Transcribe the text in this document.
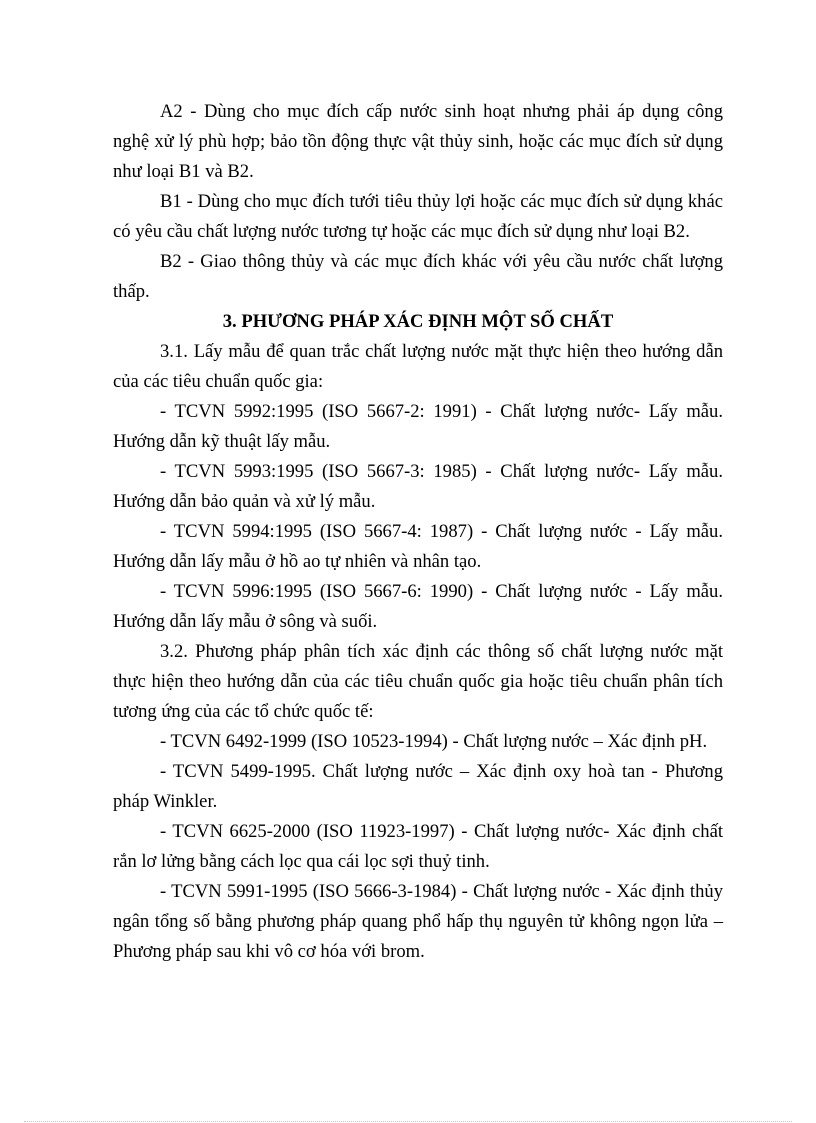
A2 - Dùng cho mục đích cấp nước sinh hoạt nhưng phải áp dụng công nghệ xử lý phù hợp; bảo tồn động thực vật thủy sinh, hoặc các mục đích sử dụng như loại B1 và B2.

B1 - Dùng cho mục đích tưới tiêu thủy lợi hoặc các mục đích sử dụng khác có yêu cầu chất lượng nước tương tự hoặc các mục đích sử dụng như loại B2.

B2 - Giao thông thủy và các mục đích khác với yêu cầu nước chất lượng thấp.

3. PHƯƠNG PHÁP XÁC ĐỊNH MỘT SỐ CHẤT

3.1. Lấy mẫu để quan trắc chất lượng nước mặt thực hiện theo hướng dẫn của các tiêu chuẩn quốc gia:

- TCVN 5992:1995 (ISO 5667-2: 1991) - Chất lượng nước- Lấy mẫu. Hướng dẫn kỹ thuật lấy mẫu.

- TCVN 5993:1995 (ISO 5667-3: 1985) - Chất lượng nước- Lấy mẫu. Hướng dẫn bảo quản và xử lý mẫu.

- TCVN 5994:1995 (ISO 5667-4: 1987) - Chất lượng nước - Lấy mẫu. Hướng dẫn lấy mẫu ở hồ ao tự nhiên và nhân tạo.

- TCVN 5996:1995 (ISO 5667-6: 1990) - Chất lượng nước - Lấy mẫu. Hướng dẫn lấy mẫu ở sông và suối.

3.2. Phương pháp phân tích xác định các thông số chất lượng nước mặt thực hiện theo hướng dẫn của các tiêu chuẩn quốc gia hoặc tiêu chuẩn phân tích tương ứng của các tổ chức quốc tế:

- TCVN 6492-1999 (ISO 10523-1994) - Chất lượng nước – Xác định pH.

- TCVN 5499-1995. Chất lượng nước – Xác định oxy hoà tan - Phương pháp Winkler.

- TCVN 6625-2000 (ISO 11923-1997) - Chất lượng nước- Xác định chất rắn lơ lửng bằng cách lọc qua cái lọc sợi thuỷ tinh.

- TCVN 5991-1995 (ISO 5666-3-1984) - Chất lượng nước - Xác định thủy ngân tổng số bằng phương pháp quang phổ hấp thụ nguyên tử không ngọn lửa – Phương pháp sau khi vô cơ hóa với brom.
